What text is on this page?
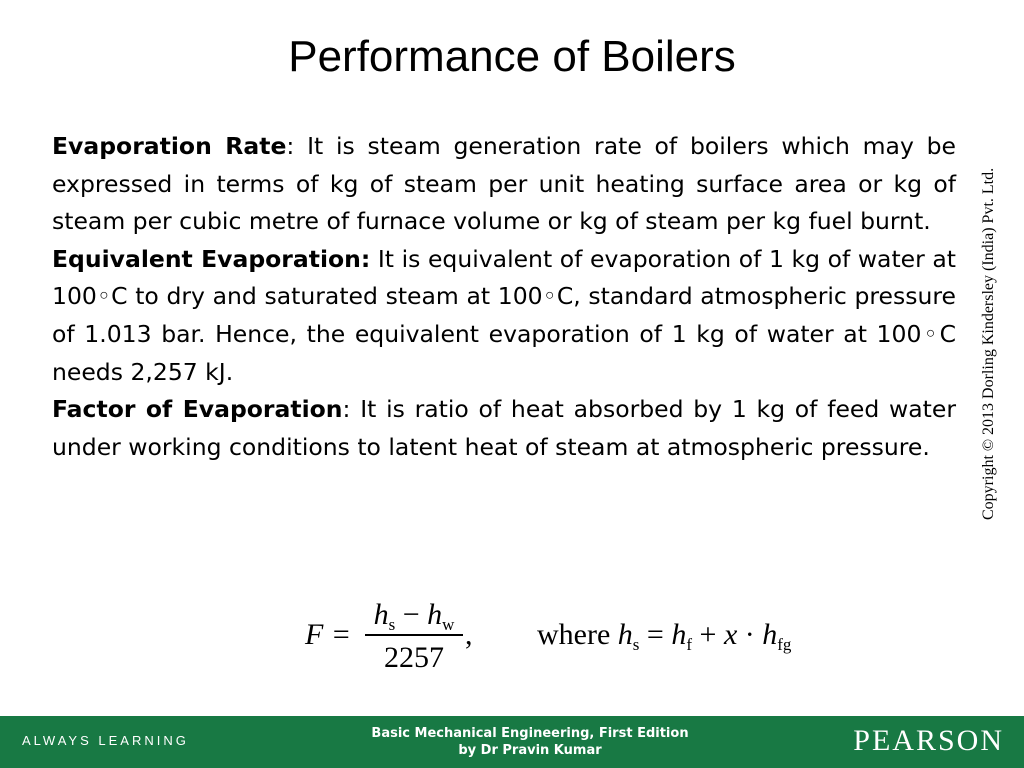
Performance of Boilers

Evaporation Rate: It is steam generation rate of boilers which may be expressed in terms of kg of steam per unit heating surface area or kg of steam per cubic metre of furnace volume or kg of steam per kg fuel burnt.

Equivalent Evaporation: It is equivalent of evaporation of 1 kg of water at 100◦C to dry and saturated steam at 100◦C, standard atmospheric pressure of 1.013 bar. Hence, the equivalent evaporation of 1 kg of water at 100◦C needs 2,257 kJ.

Factor of Evaporation: It is ratio of heat absorbed by 1 kg of feed water under working conditions to latent heat of steam at atmospheric pressure.	Copyright © 2013 Dorling Kindersley (India) Pvt. Ltd.
$F = \frac{h_s - h_w}{2257}$ , where $h_s = h_f + x \cdot h_{fg}$
ALWAYS LEARNING	Basic Mechanical Engineering, First Edition
by Dr Pravin Kumar	PEARSON
